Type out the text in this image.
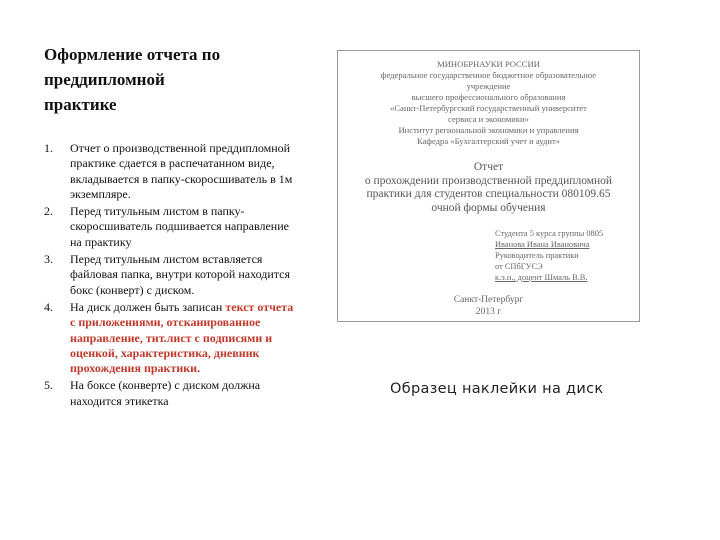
Оформление отчета по
преддипломной
практике
1. Отчет о производственной преддипломной практике сдается в распечатанном виде, вкладывается в папку-скоросшиватель в 1м экземпляре.
2. Перед титульным листом в папку-скоросшиватель подшивается направление на практику
3. Перед титульным листом вставляется файловая папка, внутри которой находится бокс (конверт) с диском.
4. На диск должен быть записан текст отчета с приложениями, отсканированное направление, тит.лист с подписями и оценкой, характеристика, дневник прохождения практики.
5. На боксе (конверте) с диском должна находится этикетка
МИНОБРНАУКИ РОССИИ
федеральное государственное бюджетное образовательное
учреждение
высшего профессионального образования
«Санкт-Петербургский государственный университет
сервиса и экономики»
Институт региональной экономики и управления
Кафедра «Бухгалтерский учет и аудит»
Отчет
о прохождении производственной преддипломной
практики для студентов специальности 080109.65
очной формы обучения
Студента 5 курса группы 0805
Иванова Ивана Ивановича
Руководитель практики
от СПбГУСЭ
к.э.н., доцент Шмаль В.В.
Санкт-Петербург
2013 г
Образец наклейки на диск
